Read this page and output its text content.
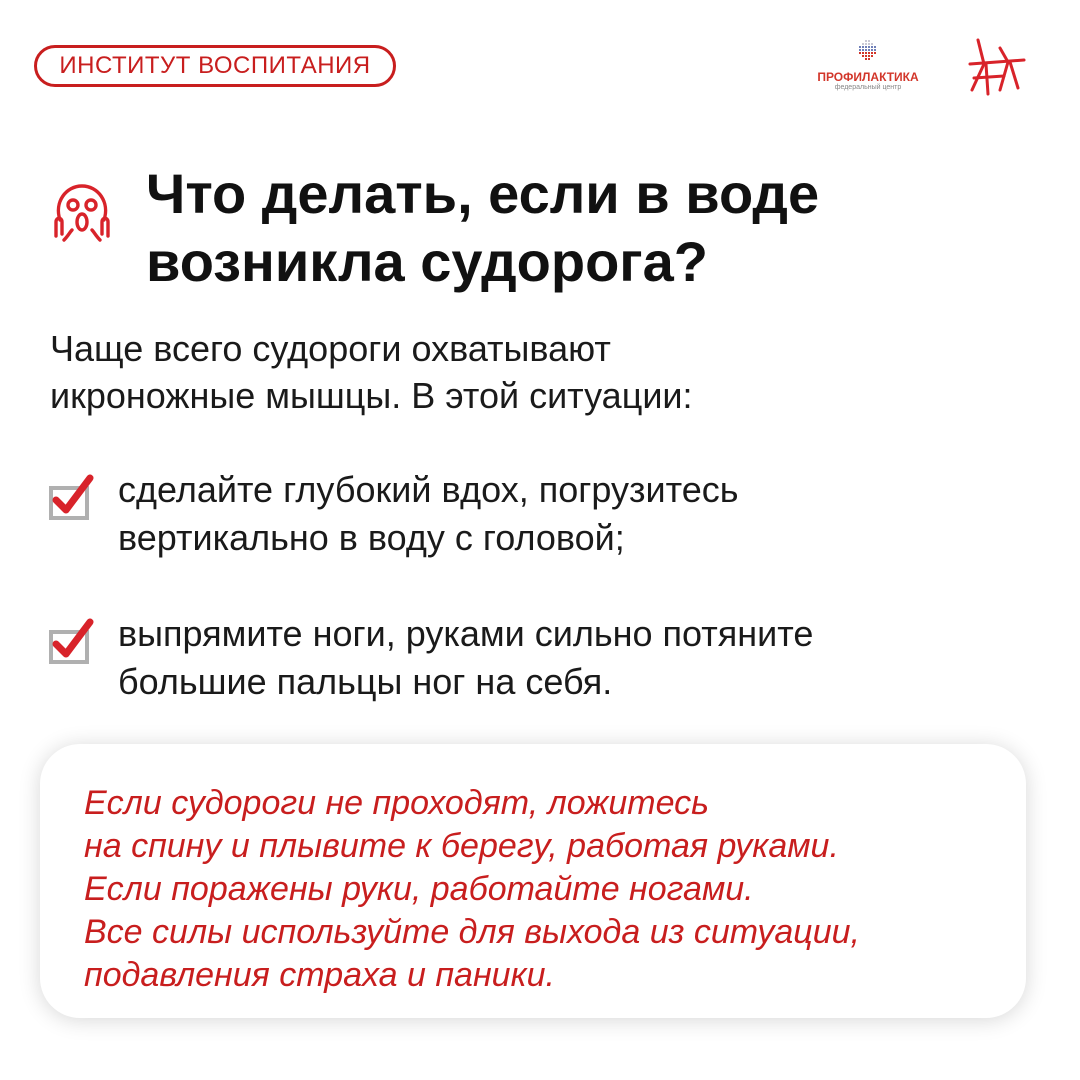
ИНСТИТУТ ВОСПИТАНИЯ	ПРОФИЛАКТИКА
федеральный центр
Что делать, если в воде
возникла судорога?

Чаще всего судороги охватывают
икроножные мышцы. В этой ситуации:

сделайте глубокий вдох, погрузитесь
вертикально в воду с головой;

выпрямите ноги, руками сильно потяните
большие пальцы ног на себя.

Если судороги не проходят, ложитесь

на спину и плывите к берегу, работая руками.

Если поражены руки, работайте ногами.

Все силы используйте для выхода из ситуации,

подавления страха и паники.
